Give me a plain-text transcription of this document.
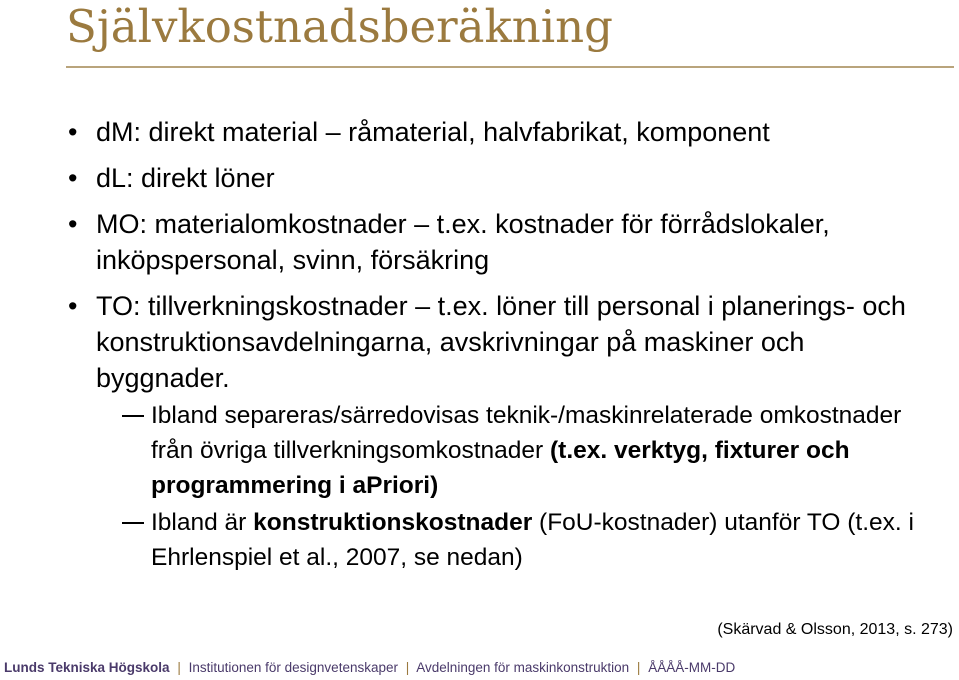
Självkostnadsberäkning
• dM: direkt material – råmaterial, halvfabrikat, komponent
• dL: direkt löner
• MO: materialomkostnader – t.ex. kostnader för förrådslokaler, inköpspersonal, svinn, försäkring
• TO: tillverkningskostnader – t.ex. löner till personal i planerings- och konstruktionsavdelningarna, avskrivningar på maskiner och byggnader.
Ibland separeras/särredovisas teknik-/maskinrelaterade omkostnader från övriga tillverkningsomkostnader (t.ex. verktyg, fixturer och programmering i aPriori)
Ibland är konstruktionskostnader (FoU-kostnader) utanför TO (t.ex. i Ehrlenspiel et al., 2007, se nedan)
(Skärvad & Olsson, 2013, s. 273)
Lunds Tekniska Högskola | Institutionen för designvetenskaper | Avdelningen för maskinkonstruktion | ÅÅÅÅ-MM-DD
